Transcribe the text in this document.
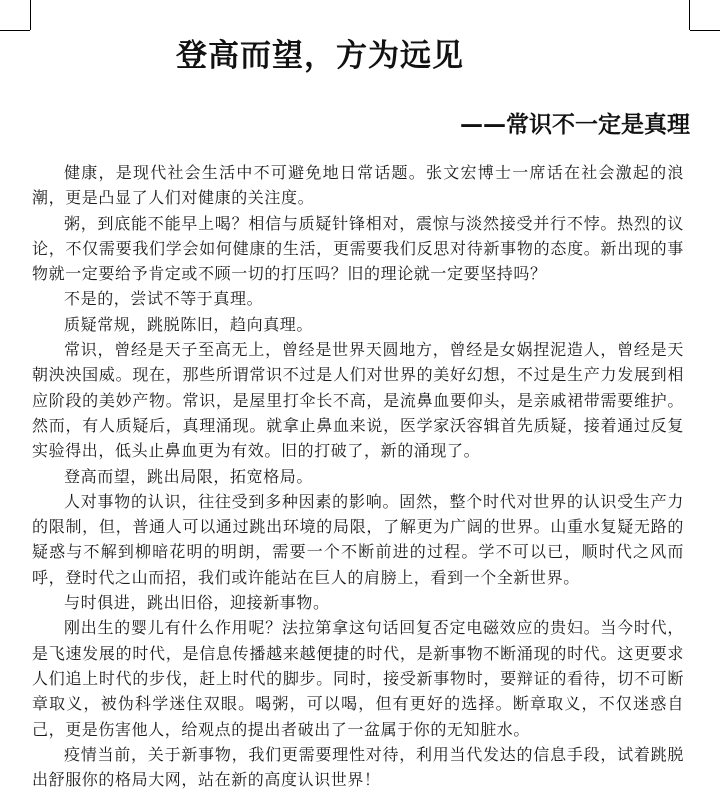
登高而望，方为远见
——常识不一定是真理

健康，是现代社会生活中不可避免地日常话题。张文宏博士一席话在社会激起的浪潮，更是凸显了人们对健康的关注度。

粥，到底能不能早上喝？相信与质疑针锋相对，震惊与淡然接受并行不悖。热烈的议论，不仅需要我们学会如何健康的生活，更需要我们反思对待新事物的态度。新出现的事物就一定要给予肯定或不顾一切的打压吗？旧的理论就一定要坚持吗？

不是的，尝试不等于真理。

质疑常规，跳脱陈旧，趋向真理。

常识，曾经是天子至高无上，曾经是世界天圆地方，曾经是女娲捏泥造人，曾经是天朝泱泱国威。现在，那些所谓常识不过是人们对世界的美好幻想，不过是生产力发展到相应阶段的美妙产物。常识，是屋里打伞长不高，是流鼻血要仰头，是亲戚裙带需要维护。然而，有人质疑后，真理涌现。就拿止鼻血来说，医学家沃容辑首先质疑，接着通过反复实验得出，低头止鼻血更为有效。旧的打破了，新的涌现了。

登高而望，跳出局限，拓宽格局。

人对事物的认识，往往受到多种因素的影响。固然，整个时代对世界的认识受生产力的限制，但，普通人可以通过跳出环境的局限，了解更为广阔的世界。山重水复疑无路的疑惑与不解到柳暗花明的明朗，需要一个不断前进的过程。学不可以已，顺时代之风而呼，登时代之山而招，我们或许能站在巨人的肩膀上，看到一个全新世界。

与时俱进，跳出旧俗，迎接新事物。

刚出生的婴儿有什么作用呢？法拉第拿这句话回复否定电磁效应的贵妇。当今时代，是飞速发展的时代，是信息传播越来越便捷的时代，是新事物不断涌现的时代。这更要求人们追上时代的步伐，赶上时代的脚步。同时，接受新事物时，要辩证的看待，切不可断章取义，被伪科学迷住双眼。喝粥，可以喝，但有更好的选择。断章取义，不仅迷惑自己，更是伤害他人，给观点的提出者破出了一盆属于你的无知脏水。

疫情当前，关于新事物，我们更需要理性对待，利用当代发达的信息手段，试着跳脱出舒服你的格局大网，站在新的高度认识世界！
